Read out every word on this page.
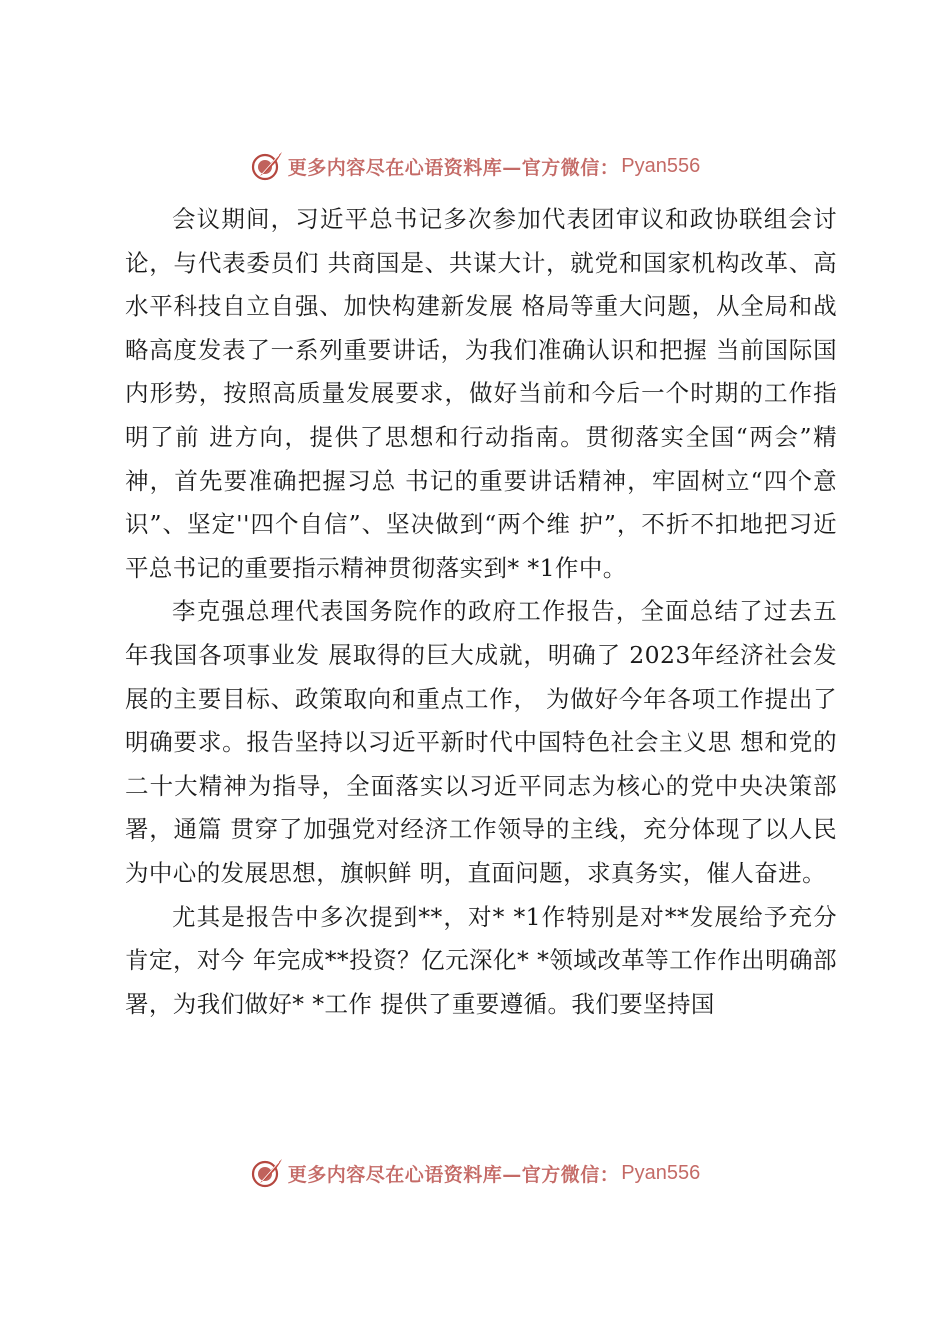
更多内容尽在心语资料库—官方微信： Pyan556

会议期间，习近平总书记多次参加代表团审议和政协联组会讨论，与代表委员们 共商国是、共谋大计，就党和国家机构改革、高水平科技自立自强、加快构建新发展 格局等重大问题，从全局和战略高度发表了一系列重要讲话，为我们准确认识和把握 当前国际国内形势，按照高质量发展要求，做好当前和今后一个时期的工作指明了前 进方向，提供了思想和行动指南。贯彻落实全国“两会”精神，首先要准确把握习总 书记的重要讲话精神，牢固树立“四个意识”、坚定''四个自信”、坚决做到“两个维 护”，不折不扣地把习近平总书记的重要指示精神贯彻落实到* *1作中。

李克强总理代表国务院作的政府工作报告，全面总结了过去五年我国各项事业发 展取得的巨大成就，明确了 2023年经济社会发展的主要目标、政策取向和重点工作， 为做好今年各项工作提出了明确要求。报告坚持以习近平新时代中国特色社会主义思 想和党的二十大精神为指导，全面落实以习近平同志为核心的党中央决策部署，通篇 贯穿了加强党对经济工作领导的主线，充分体现了以人民为中心的发展思想，旗帜鲜 明，直面问题，求真务实，催人奋进。

尤其是报告中多次提到**，对* *1作特别是对**发展给予充分肯定，对今 年完成**投资？亿元深化* *领域改革等工作作出明确部署，为我们做好* *工作 提供了重要遵循。我们要坚持国

更多内容尽在心语资料库—官方微信： Pyan556
